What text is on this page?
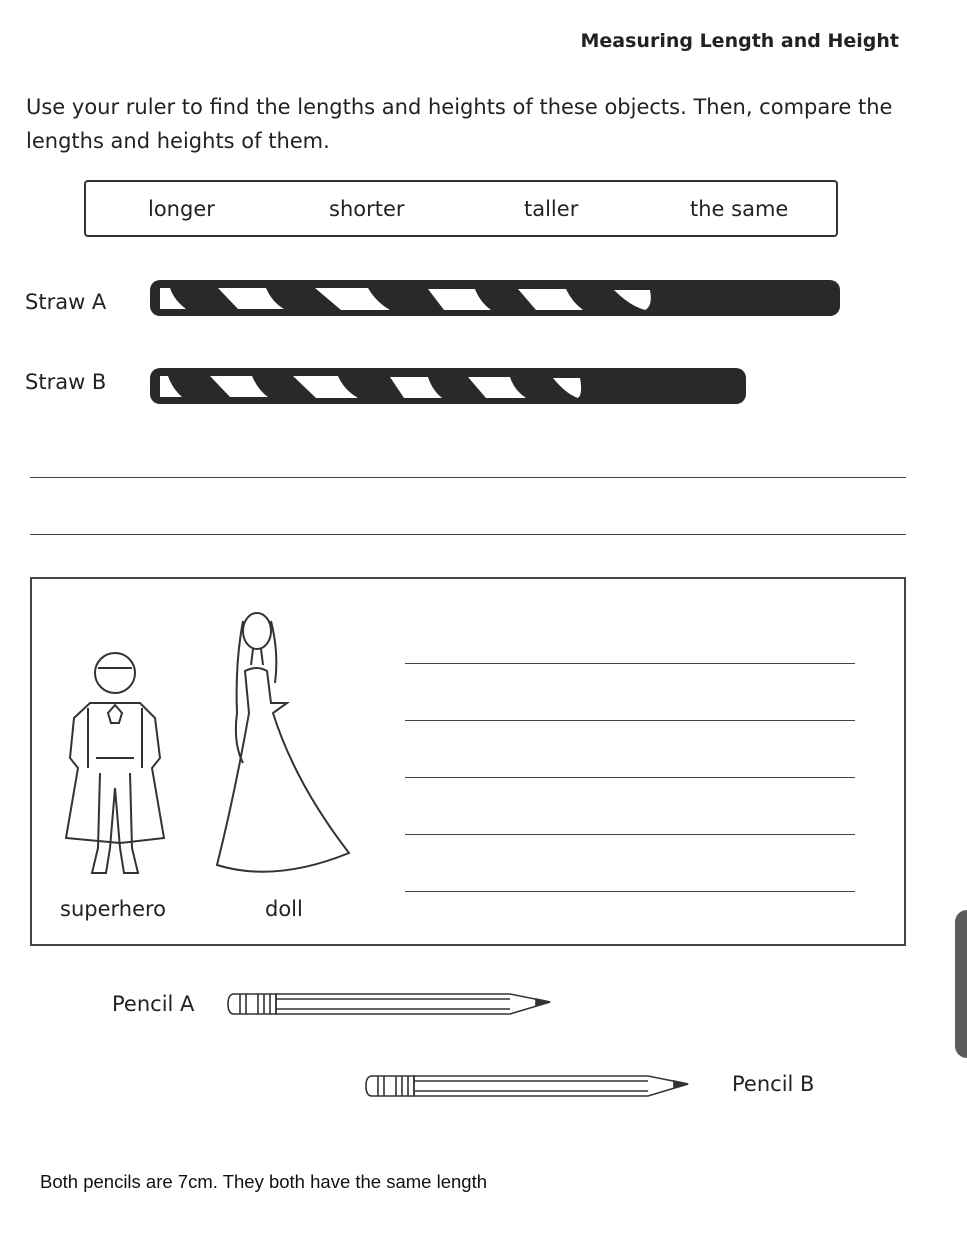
Measuring Length and Height
Use your ruler to find the lengths and heights of these objects. Then, compare the lengths and heights of them.
longer	shorter	taller	the same
Straw A
Straw B
superhero	doll
Pencil A
Pencil B
Both pencils are 7cm. They both have the same length
